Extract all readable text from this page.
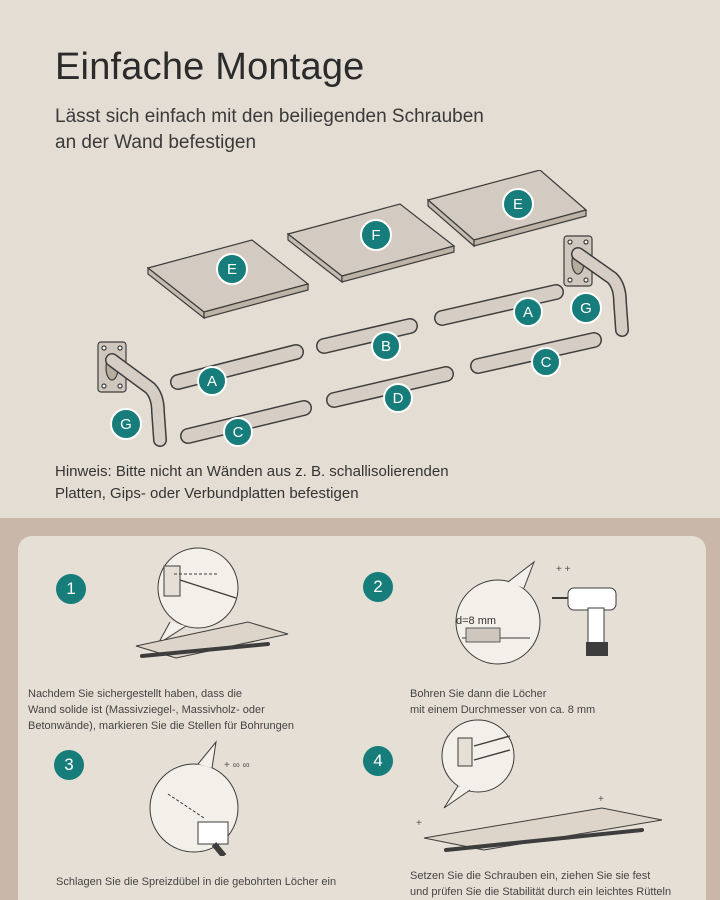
Einfache Montage
Lässt sich einfach mit den beiliegenden Schrauben
an der Wand befestigen
E
F
E
A
C
B
D
A
C
G
G
Hinweis: Bitte nicht an Wänden aus z. B. schallisolierenden
Platten, Gips- oder Verbundplatten befestigen
1
Nachdem Sie sichergestellt haben, dass die
Wand solide ist (Massivziegel-, Massivholz- oder
Betonwände), markieren Sie die Stellen für Bohrungen
2
d=8 mm
+ +
Bohren Sie dann die Löcher
mit einem Durchmesser von ca. 8 mm
3	+ ∞ ∞
Schlagen Sie die Spreizdübel in die gebohrten Löcher ein
4
+
+
Setzen Sie die Schrauben ein, ziehen Sie sie fest
und prüfen Sie die Stabilität durch ein leichtes Rütteln
